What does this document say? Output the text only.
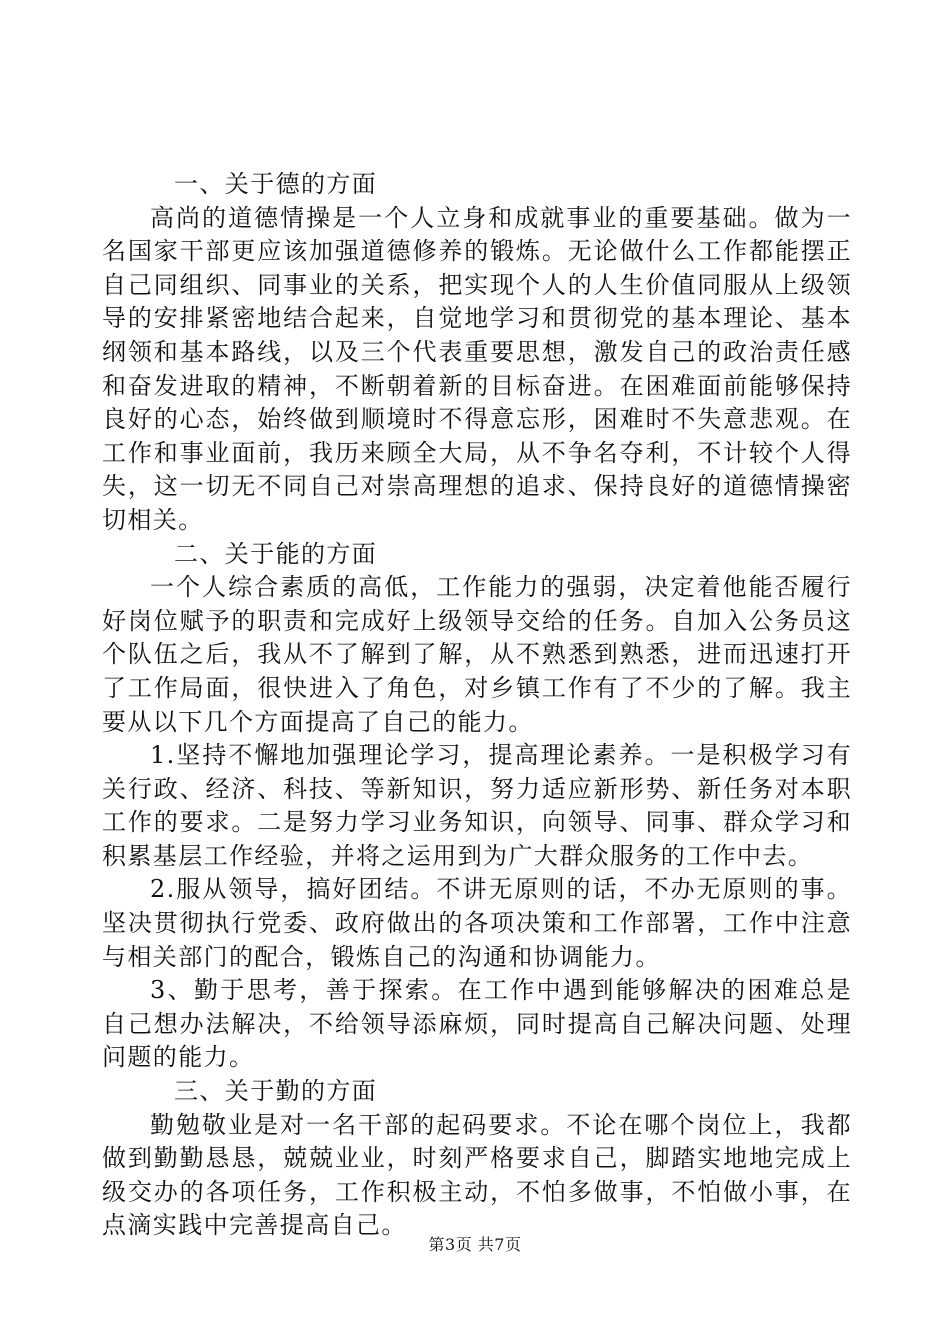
一、关于德的方面

高尚的道德情操是一个人立身和成就事业的重要基础。做为一名国家干部更应该加强道德修养的锻炼。无论做什么工作都能摆正自己同组织、同事业的关系，把实现个人的人生价值同服从上级领导的安排紧密地结合起来，自觉地学习和贯彻党的基本理论、基本纲领和基本路线，以及三个代表重要思想，激发自己的政治责任感和奋发进取的精神，不断朝着新的目标奋进。在困难面前能够保持良好的心态，始终做到顺境时不得意忘形，困难时不失意悲观。在工作和事业面前，我历来顾全大局，从不争名夺利，不计较个人得失，这一切无不同自己对崇高理想的追求、保持良好的道德情操密切相关。

二、关于能的方面

一个人综合素质的高低，工作能力的强弱，决定着他能否履行好岗位赋予的职责和完成好上级领导交给的任务。自加入公务员这个队伍之后，我从不了解到了解，从不熟悉到熟悉，进而迅速打开了工作局面，很快进入了角色，对乡镇工作有了不少的了解。我主要从以下几个方面提高了自己的能力。

1.坚持不懈地加强理论学习，提高理论素养。一是积极学习有关行政、经济、科技、等新知识，努力适应新形势、新任务对本职工作的要求。二是努力学习业务知识，向领导、同事、群众学习和积累基层工作经验，并将之运用到为广大群众服务的工作中去。

2.服从领导，搞好团结。不讲无原则的话，不办无原则的事。坚决贯彻执行党委、政府做出的各项决策和工作部署，工作中注意与相关部门的配合，锻炼自己的沟通和协调能力。

3、勤于思考，善于探索。在工作中遇到能够解决的困难总是自己想办法解决，不给领导添麻烦，同时提高自己解决问题、处理问题的能力。

三、关于勤的方面

勤勉敬业是对一名干部的起码要求。不论在哪个岗位上，我都做到勤勤恳恳，兢兢业业，时刻严格要求自己，脚踏实地地完成上级交办的各项任务，工作积极主动，不怕多做事，不怕做小事，在点滴实践中完善提高自己。

第3页 共7页
